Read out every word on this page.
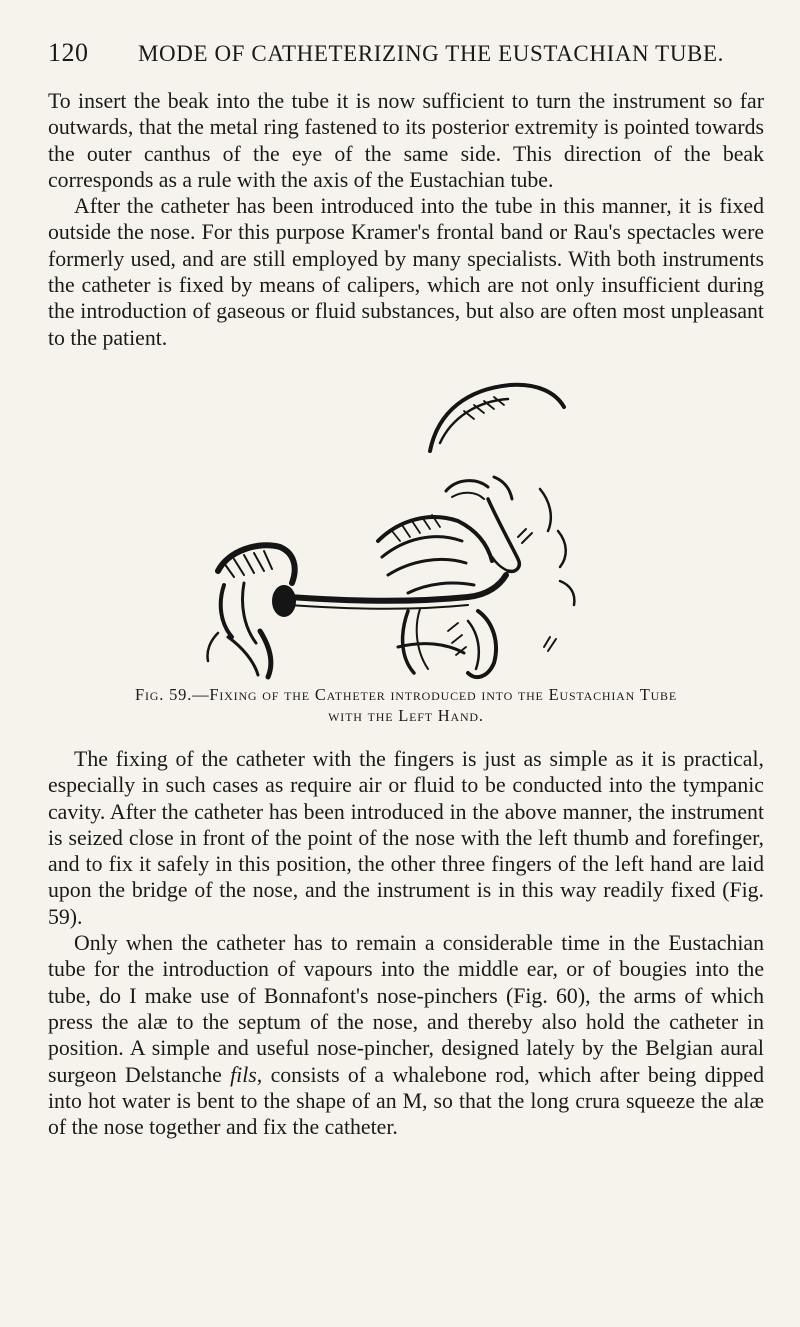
120	MODE OF CATHETERIZING THE EUSTACHIAN TUBE.

To insert the beak into the tube it is now sufficient to turn the instrument so far outwards, that the metal ring fastened to its posterior extremity is pointed towards the outer canthus of the eye of the same side. This direction of the beak corresponds as a rule with the axis of the Eustachian tube.

After the catheter has been introduced into the tube in this manner, it is fixed outside the nose. For this purpose Kramer's frontal band or Rau's spectacles were formerly used, and are still employed by many specialists. With both instruments the catheter is fixed by means of calipers, which are not only insufficient during the introduction of gaseous or fluid substances, but also are often most unpleasant to the patient.

Fig. 59.—Fixing of the Catheter introduced into the Eustachian Tube
with the Left Hand.

The fixing of the catheter with the fingers is just as simple as it is practical, especially in such cases as require air or fluid to be conducted into the tympanic cavity. After the catheter has been introduced in the above manner, the instrument is seized close in front of the point of the nose with the left thumb and forefinger, and to fix it safely in this position, the other three fingers of the left hand are laid upon the bridge of the nose, and the instrument is in this way readily fixed (Fig. 59).

Only when the catheter has to remain a considerable time in the Eustachian tube for the introduction of vapours into the middle ear, or of bougies into the tube, do I make use of Bonnafont's nose-pinchers (Fig. 60), the arms of which press the alæ to the septum of the nose, and thereby also hold the catheter in position. A simple and useful nose-pincher, designed lately by the Belgian aural surgeon Delstanche fils, consists of a whalebone rod, which after being dipped into hot water is bent to the shape of an M, so that the long crura squeeze the alæ of the nose together and fix the catheter.
